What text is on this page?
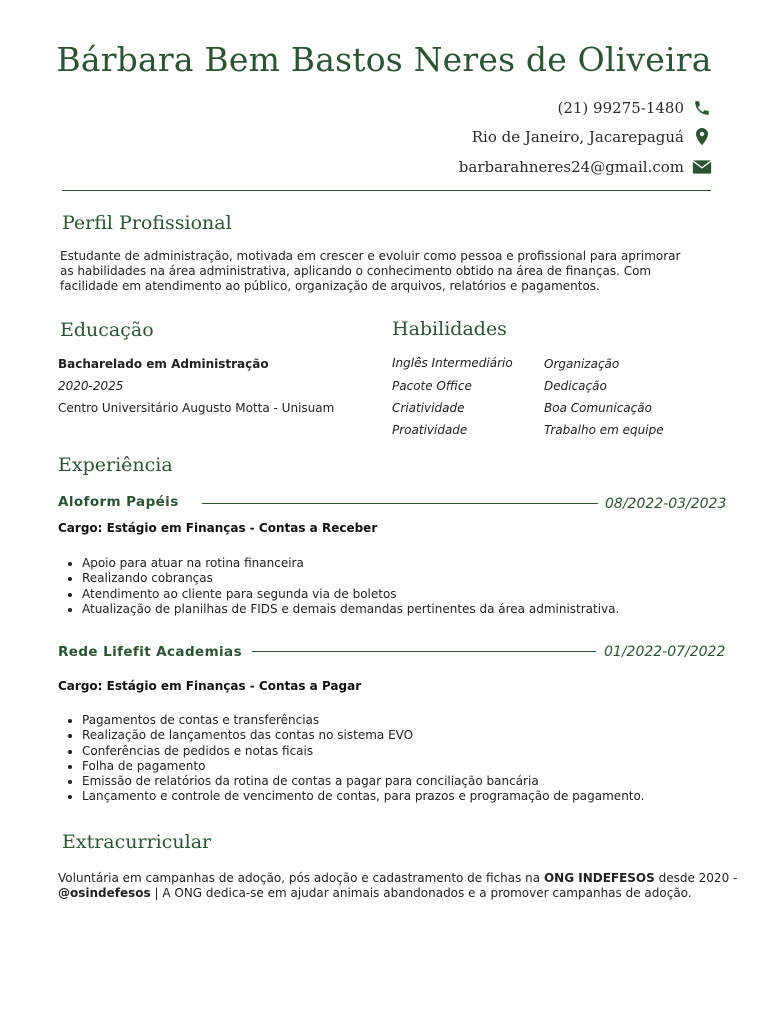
Bárbara Bem Bastos Neres de Oliveira
(21) 99275-1480
Rio de Janeiro, Jacarepaguá
barbarahneres24@gmail.com
Perfil Profissional
Estudante de administração, motivada em crescer e evoluir como pessoa e profissional para aprimorar
as habilidades na área administrativa, aplicando o conhecimento obtido na área de finanças. Com
facilidade em atendimento ao público, organização de arquivos, relatórios e pagamentos.
Educação
Bacharelado em Administração
2020-2025
Centro Universitário Augusto Motta - Unisuam
Habilidades
Inglês Intermediário
Pacote Office
Criatividade
Proatividade
Organização
Dedicação
Boa Comunicação
Trabalho em equipe
Experiência
Aloform Papéis	08/2022-03/2023
Cargo: Estágio em Finanças - Contas a Receber
• Apoio para atuar na rotina financeira
• Realizando cobranças
• Atendimento ao cliente para segunda via de boletos
• Atualização de planilhas de FIDS e demais demandas pertinentes da área administrativa.
Rede Lifefit Academias	01/2022-07/2022
Cargo: Estágio em Finanças - Contas a Pagar
• Pagamentos de contas e transferências
• Realização de lançamentos das contas no sistema EVO
• Conferências de pedidos e notas ficais
• Folha de pagamento
• Emissão de relatórios da rotina de contas a pagar para conciliação bancária
• Lançamento e controle de vencimento de contas, para prazos e programação de pagamento.
Extracurricular
Voluntária em campanhas de adoção, pós adoção e cadastramento de fichas na ONG INDEFESOS desde 2020 -
@osindefesos | A ONG dedica-se em ajudar animais abandonados e a promover campanhas de adoção.
